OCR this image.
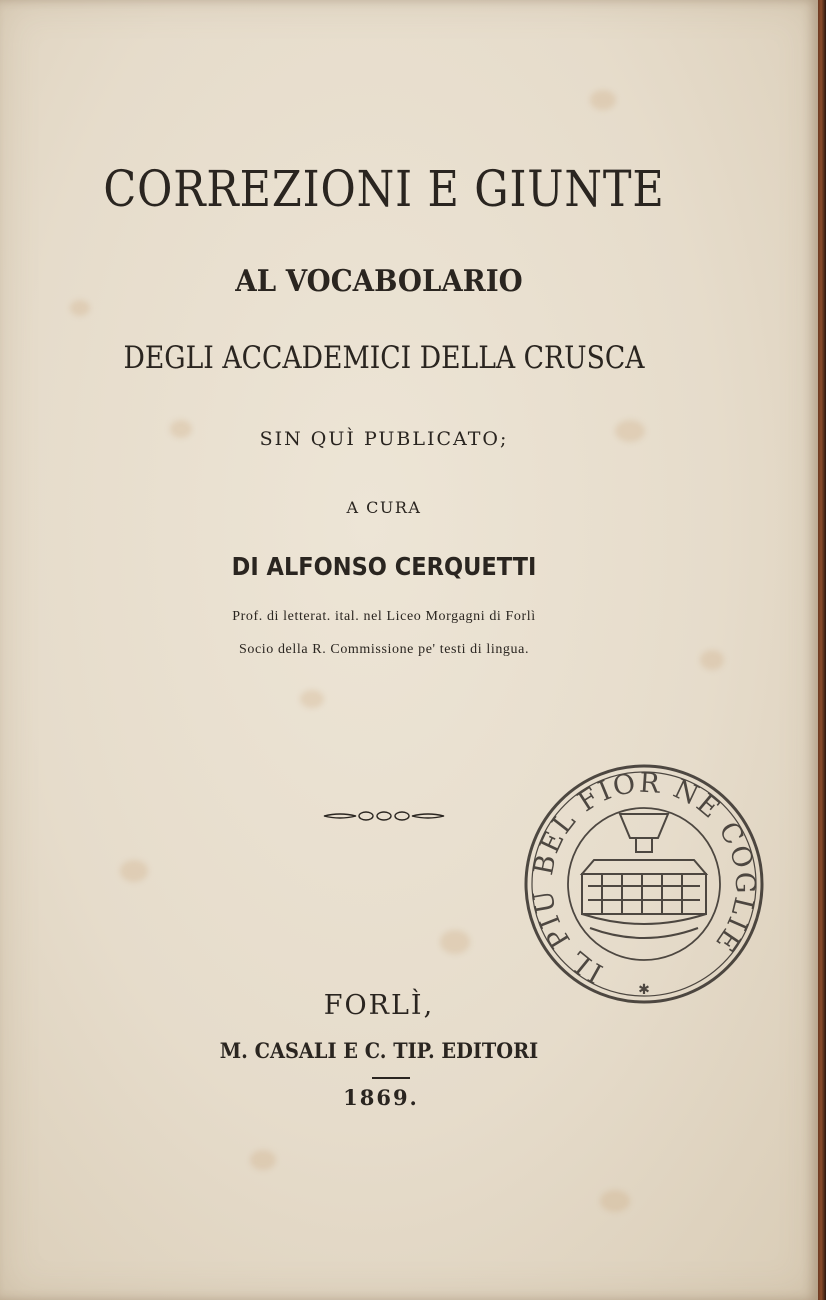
CORREZIONI E GIUNTE
AL VOCABOLARIO
DEGLI ACCADEMICI DELLA CRUSCA
SIN QUÌ PUBLICATO;
A CURA
DI ALFONSO CERQUETTI
Prof. di letterat. ital. nel Liceo Morgagni di Forlì
Socio della R. Commissione pe' testi di lingua.
IL PIU BEL FIOR NE COGLIE
✱
FORLÌ,
M. CASALI E C. TIP. EDITORI
1869.
